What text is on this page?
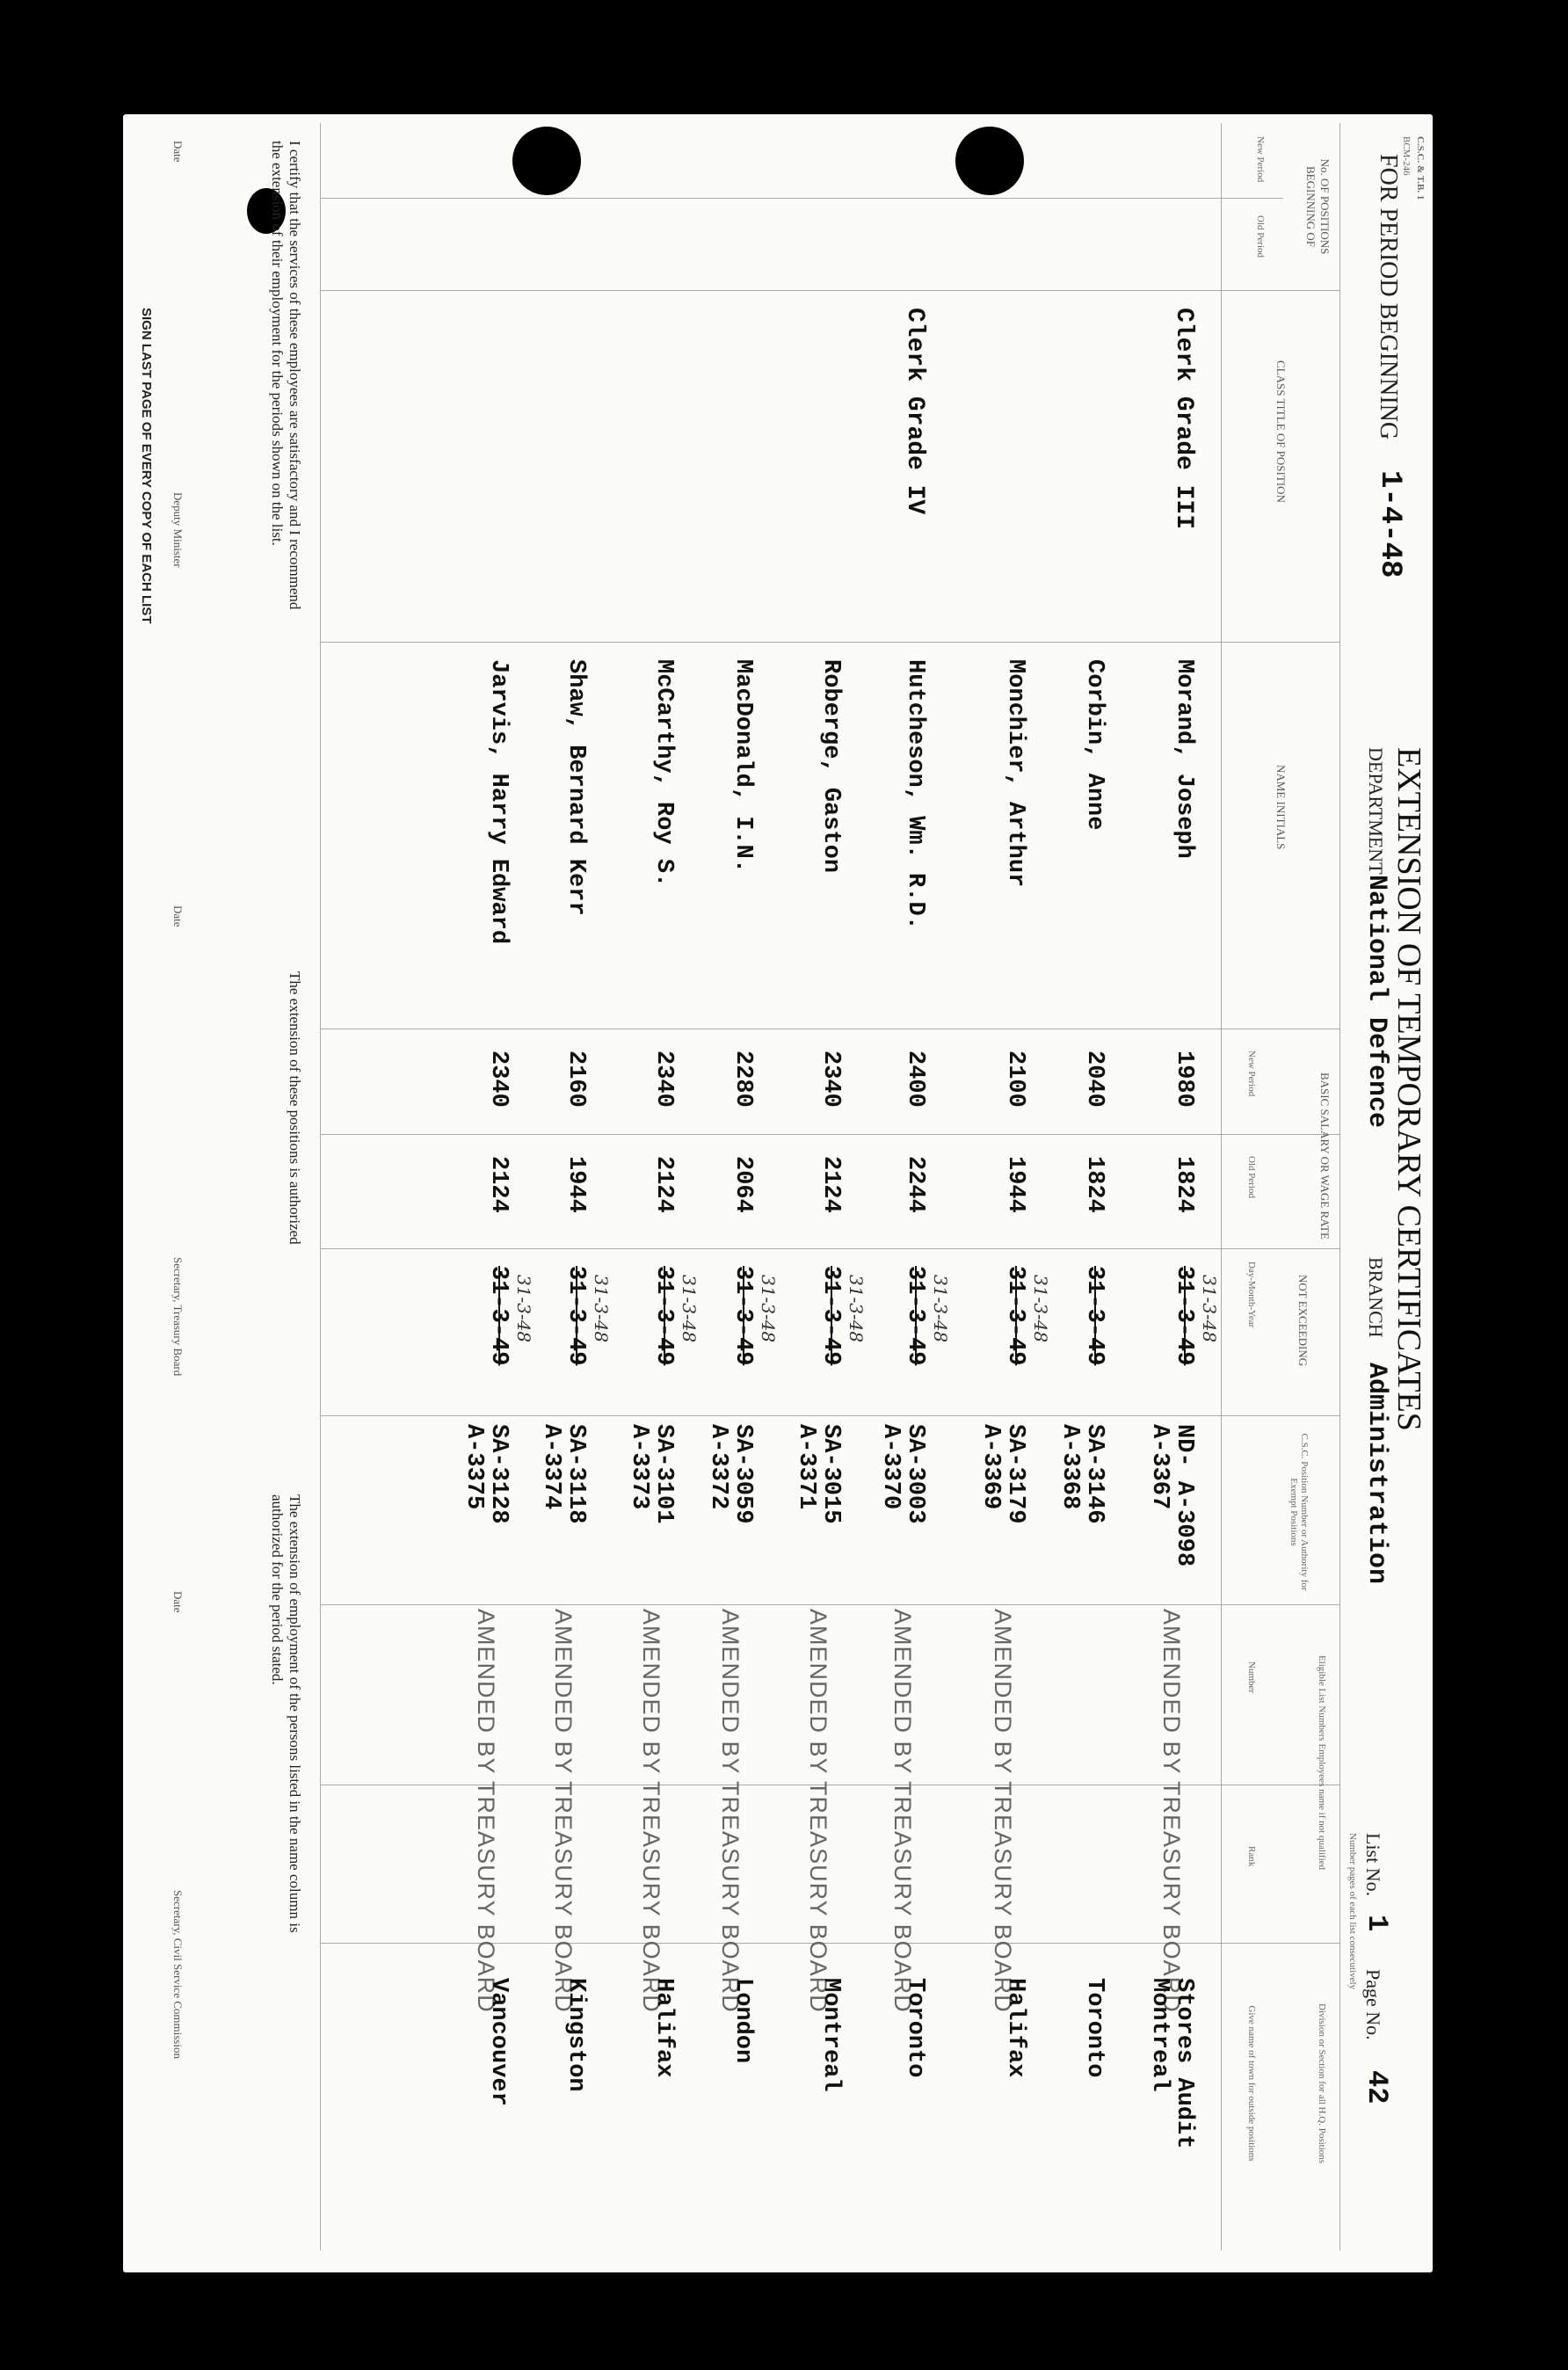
C.S.C. & T.B. 1
BCM-246
FOR PERIOD BEGINNING
1-4-48
EXTENSION OF TEMPORARY CERTIFICATES
DEPARTMENT
National Defence
BRANCH
Administration
List No.
1
Page No.
42
Number pages of each list consecutively
No. OF POSITIONS BEGINNING OF
New Period
Old Period
CLASS TITLE OF POSITION
NAME INITIALS
BASIC SALARY OR WAGE RATE
New Period
Old Period
NOT EXCEEDING
Day-Month-Year
C.S.C. Position Number or Authority for Exempt Positions
Eligible List Numbers Employees name if not qualified
Number
Rank
Division or Section for all H.Q. Positions
Give name of town for outside positions
Clerk Grade III
Clerk Grade IV
Morand, Joseph
1980
1824
31-3-49 31-3-48
ND- A-3098
A-3367
AMENDED BY TREASURY BOARD
Stores Audit
Montreal
Corbin, Anne
2040
1824
31-3-49
SA-3146
A-3368
Toronto
Monchier, Arthur
2100
1944
31-3-49 31-3-48
SA-3179
A-3369
AMENDED BY TREASURY BOARD
Halifax
Hutcheson, Wm. R.D.
2400
2244
31-3-49 31-3-48
SA-3003
A-3370
AMENDED BY TREASURY BOARD
Toronto
Roberge, Gaston
2340
2124
31-3-49 31-3-48
SA-3015
A-3371
AMENDED BY TREASURY BOARD
Montreal
MacDonald, I.N.
2280
2064
31-3-49 31-3-48
SA-3059
A-3372
AMENDED BY TREASURY BOARD
London
McCarthy, Roy S.
2340
2124
31-3-49 31-3-48
SA-3101
A-3373
AMENDED BY TREASURY BOARD
Halifax
Shaw, Bernard Kerr
2160
1944
31-3-49 31-3-48
SA-3118
A-3374
AMENDED BY TREASURY BOARD
Kingston
Jarvis, Harry Edward
2340
2124
31-3-49 31-3-48
SA-3128
A-3375
AMENDED BY TREASURY BOARD
Vancouver
I certify that the services of these employees are satisfactory and I recommend
the extension of their employment for the periods shown on the list.
Date
Deputy Minister
SIGN LAST PAGE OF EVERY COPY OF EACH LIST
The extension of these positions is authorized
Date
Secretary, Treasury Board
The extension of employment of the persons listed in the name column is
authorized for the period stated.
Date
Secretary, Civil Service Commission
